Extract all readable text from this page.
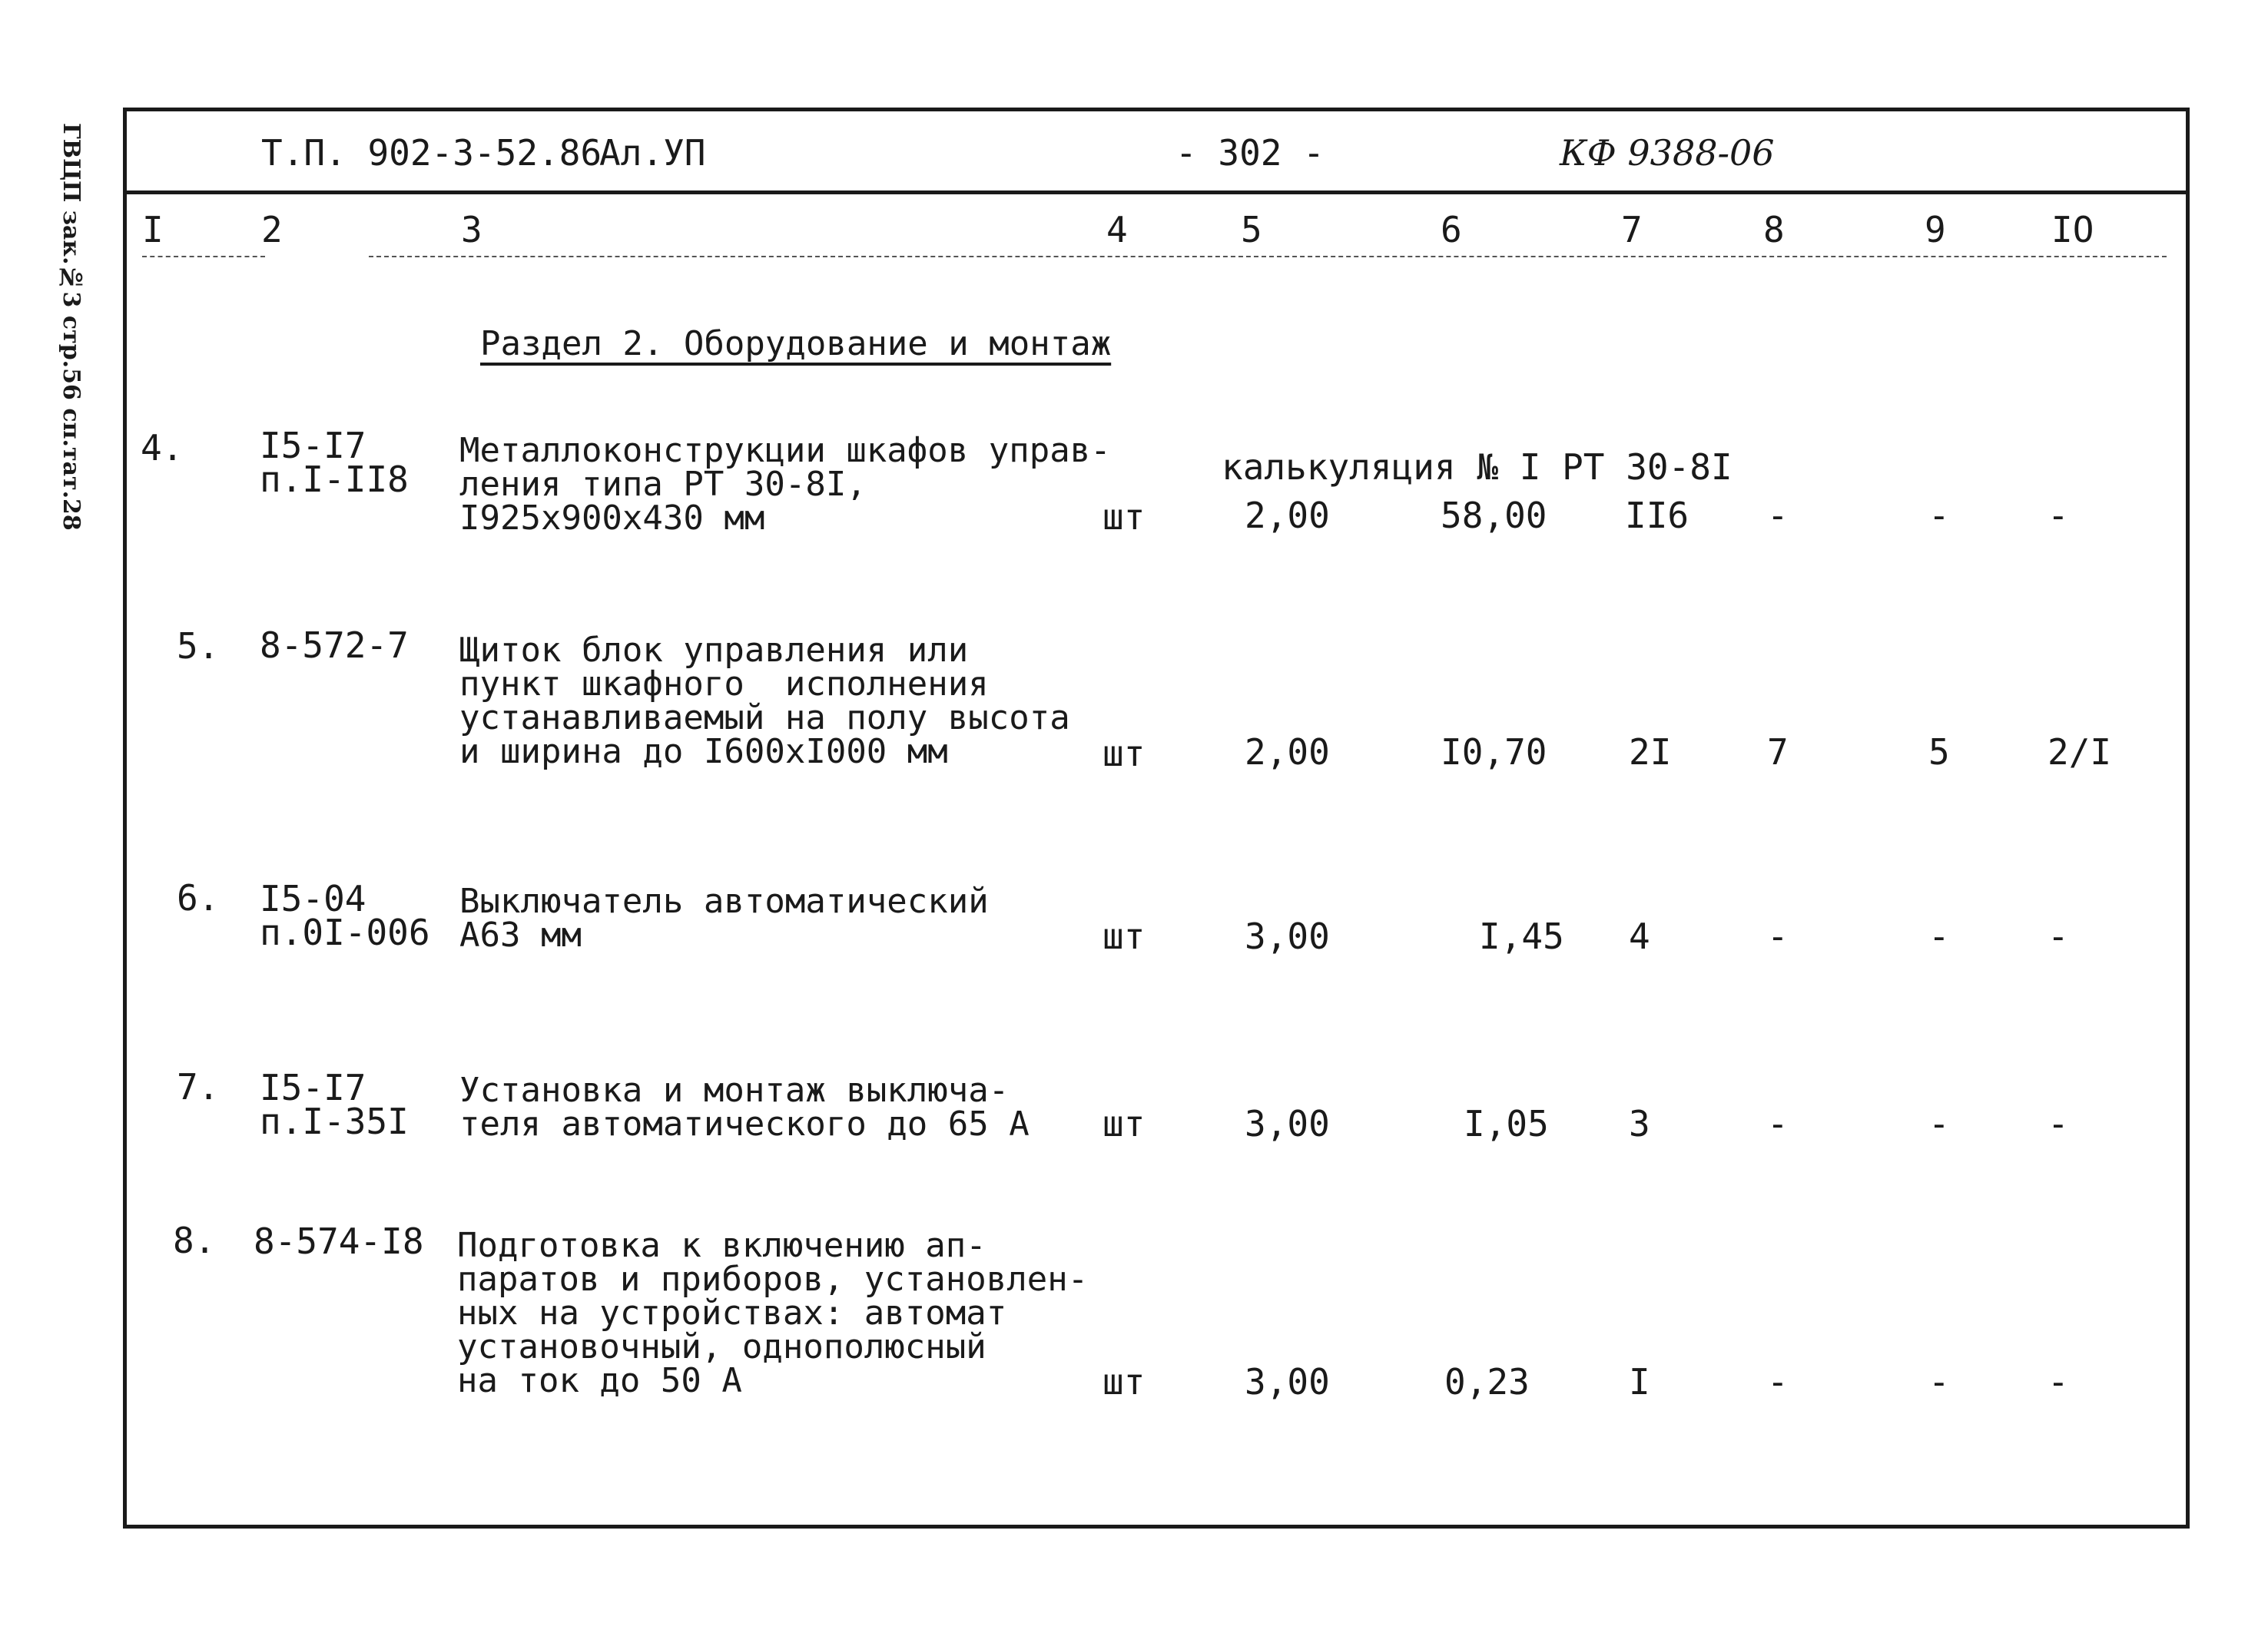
ГВЦП зак.№3 стр.56 сп.тат.28	Т.П. 902-3-52.86
Ал.УП	- 302 -	КФ 9388-06
I	2	3	4	5	6	7	8	9	IO
Раздел 2. Оборудование и монтаж
4. I5-I7
п.I-II8
Металлоконструкции шкафов управ-
ления типа РТ 30-8I,
I925х900х430 мм
калькуляция № I РТ 30-8I
шт	2,00	58,00 II6 -	-	-
5. 8-572-7 Щиток блок управления или
пункт шкафного  исполнения
устанавливаемый на полу высота
и ширина до I600хI000 мм	шт	2,00	I0,70 2I	7	5	2/I
6. I5-04
п.0I-006
Выключатель автоматический
А63 мм	шт	3,00	I,45 4	-	-	-
7. I5-I7
п.I-35I
Установка и монтаж выключа-
теля автоматического до 65 А шт	3,00	I,05 3	-	-	-
8. 8-574-I8 Подготовка к включению ап-
паратов и приборов, установлен-
ных на устройствах: автомат
установочный, однополюсный
на ток до 50 А	шт	3,00	0,23	I	-	-	-
